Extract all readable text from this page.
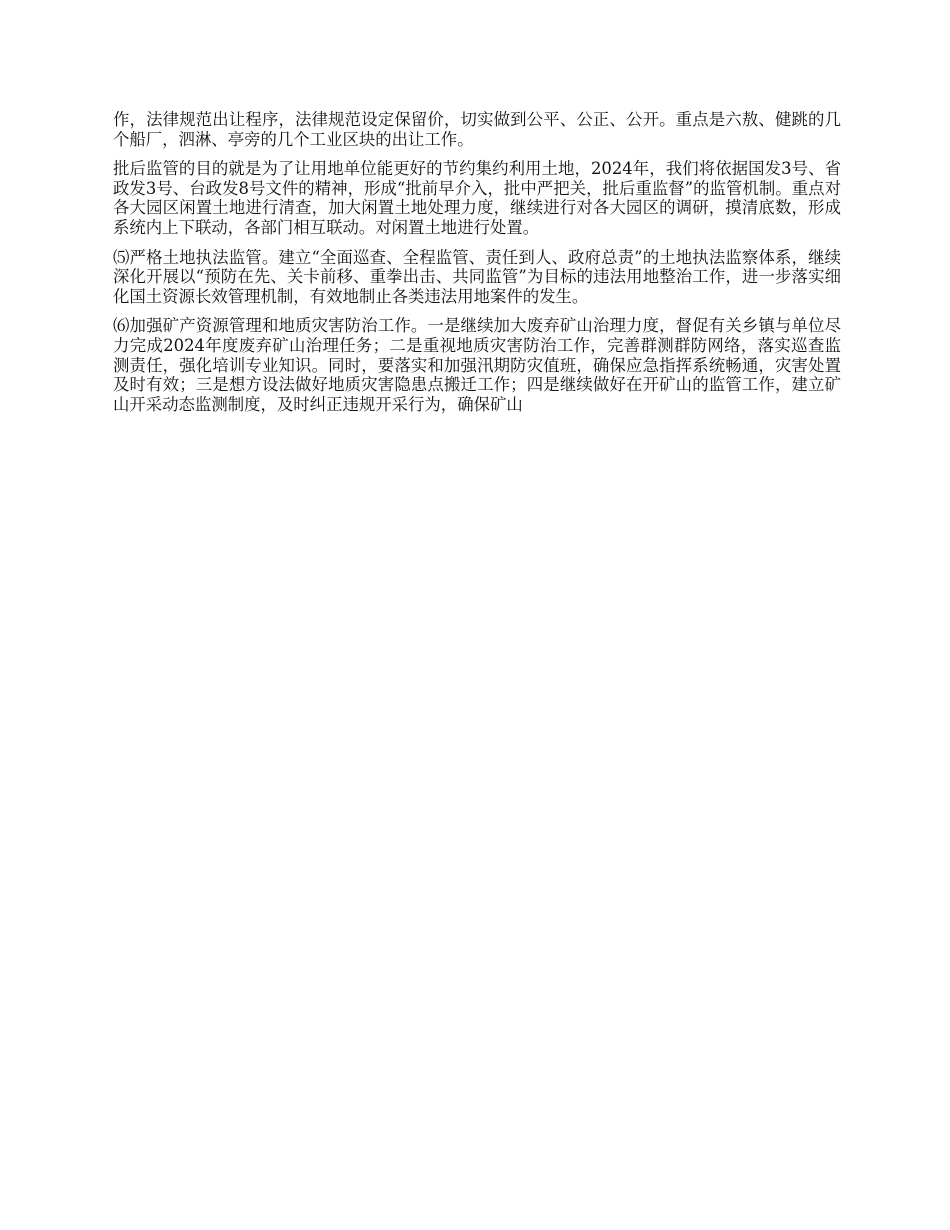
作，法律规范出让程序，法律规范设定保留价，切实做到公平、公正、公开。重点是六敖、健跳的几个船厂，泗淋、亭旁的几个工业区块的出让工作。

批后监管的目的就是为了让用地单位能更好的节约集约利用土地，2024年，我们将依据国发3号、省政发3号、台政发8号文件的精神，形成“批前早介入，批中严把关，批后重监督”的监管机制。重点对各大园区闲置土地进行清查，加大闲置土地处理力度，继续进行对各大园区的调研，摸清底数，形成系统内上下联动，各部门相互联动。对闲置土地进行处置。

⑸严格土地执法监管。建立“全面巡查、全程监管、责任到人、政府总责”的土地执法监察体系，继续深化开展以“预防在先、关卡前移、重拳出击、共同监管”为目标的违法用地整治工作，进一步落实细化国土资源长效管理机制，有效地制止各类违法用地案件的发生。

⑹加强矿产资源管理和地质灾害防治工作。一是继续加大废弃矿山治理力度，督促有关乡镇与单位尽力完成2024年度废弃矿山治理任务；二是重视地质灾害防治工作，完善群测群防网络，落实巡查监测责任，强化培训专业知识。同时，要落实和加强汛期防灾值班，确保应急指挥系统畅通，灾害处置及时有效；三是想方设法做好地质灾害隐患点搬迁工作；四是继续做好在开矿山的监管工作，建立矿山开采动态监测制度，及时纠正违规开采行为，确保矿山
